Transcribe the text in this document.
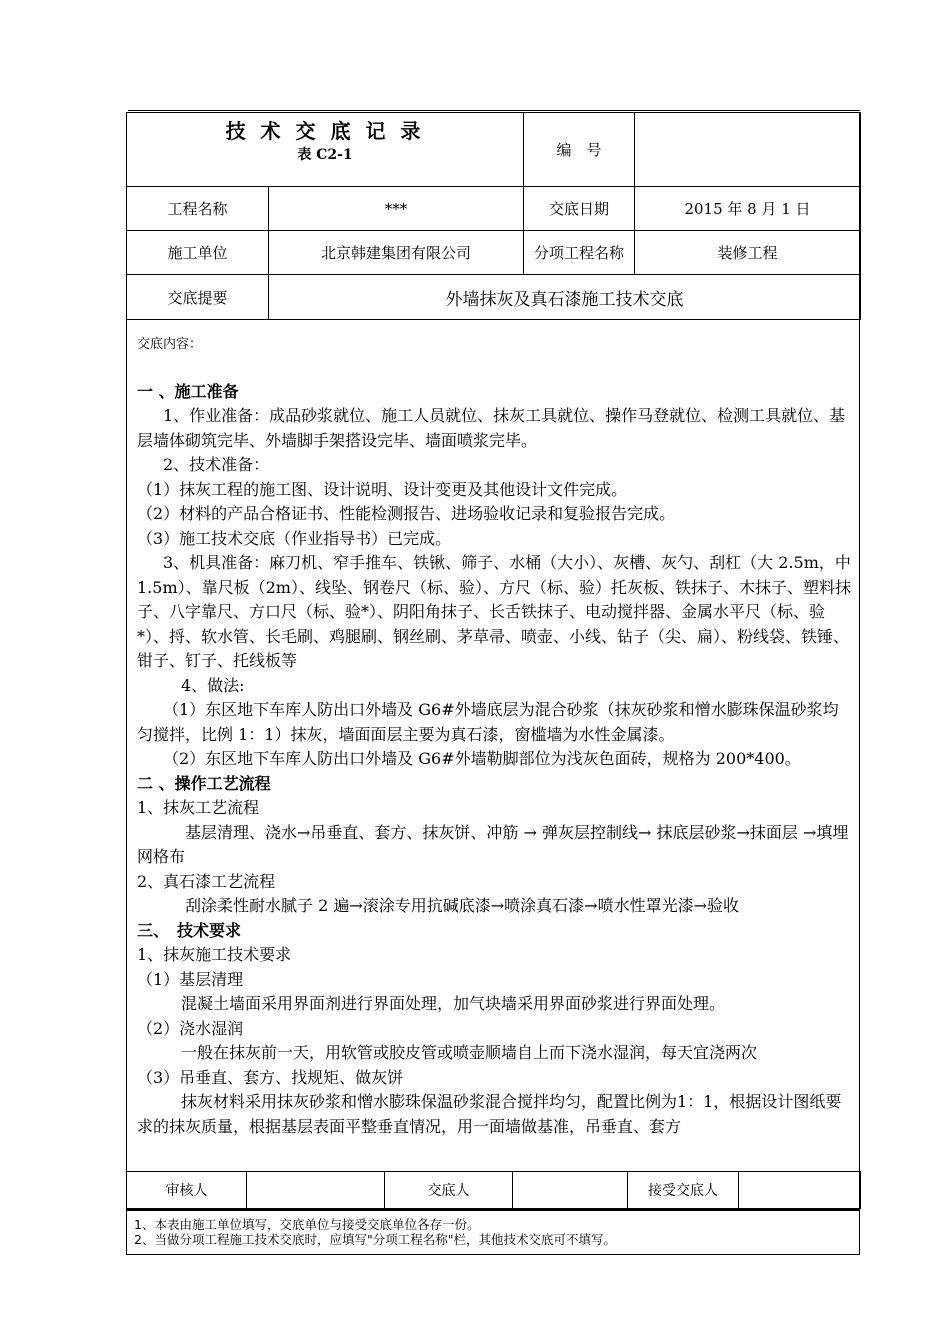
技 术 交 底 记 录
表 C2-1		编　号	
工程名称	***	交底日期	2015 年 8 月 1 日
施工单位	北京韩建集团有限公司	分项工程名称	装修工程
交底提要	外墙抹灰及真石漆施工技术交底		

交底内容：

一 、施工准备

1、作业准备：成品砂浆就位、施工人员就位、抹灰工具就位、操作马登就位、检测工具就位、基层墙体砌筑完毕、外墙脚手架搭设完毕、墙面喷浆完毕。

2、技术准备：

（1）抹灰工程的施工图、设计说明、设计变更及其他设计文件完成。

（2）材料的产品合格证书、性能检测报告、进场验收记录和复验报告完成。

（3）施工技术交底（作业指导书）已完成。

3、机具准备：麻刀机、窄手推车、铁锹、筛子、水桶（大小）、灰槽、灰勺、刮杠（大 2.5m，中 1.5m）、靠尺板（2m）、线坠、钢卷尺（标、验）、方尺（标、验）托灰板、铁抹子、木抹子、塑料抹子、八字靠尺、方口尺（标、验*）、阴阳角抹子、长舌铁抹子、电动搅拌器、金属水平尺（标、验*）、捋、软水管、长毛刷、鸡腿刷、钢丝刷、茅草帚、喷壶、小线、钻子（尖、扁）、粉线袋、铁锤、钳子、钉子、托线板等

4、做法:

（1）东区地下车库人防出口外墙及 G6#外墙底层为混合砂浆（抹灰砂浆和憎水膨珠保温砂浆均匀搅拌，比例 1：1）抹灰，墙面面层主要为真石漆，窗槛墙为水性金属漆。

（2）东区地下车库人防出口外墙及 G6#外墙勒脚部位为浅灰色面砖，规格为 200*400。

二 、操作工艺流程

1、抹灰工艺流程

基层清理、浇水→吊垂直、套方、抹灰饼、冲筋 → 弹灰层控制线→ 抹底层砂浆→抹面层 →填埋网格布

2、真石漆工艺流程

刮涂柔性耐水腻子 2 遍→滚涂专用抗碱底漆→喷涂真石漆→喷水性罩光漆→验收

三、　技术要求

1、抹灰施工技术要求

（1）基层清理

混凝土墙面采用界面剂进行界面处理，加气块墙采用界面砂浆进行界面处理。

（2）浇水湿润

一般在抹灰前一天，用软管或胶皮管或喷壶顺墙自上而下浇水湿润，每天宜浇两次

（3）吊垂直、套方、找规矩、做灰饼

抹灰材料采用抹灰砂浆和憎水膨珠保温砂浆混合搅拌均匀，配置比例为1：1，根据设计图纸要求的抹灰质量，根据基层表面平整垂直情况，用一面墙做基准，吊垂直、套方

审核人		交底人		接受交底人	

1、本表由施工单位填写，交底单位与接受交底单位各存一份。

2、当做分项工程施工技术交底时，应填写"分项工程名称"栏，其他技术交底可不填写。
